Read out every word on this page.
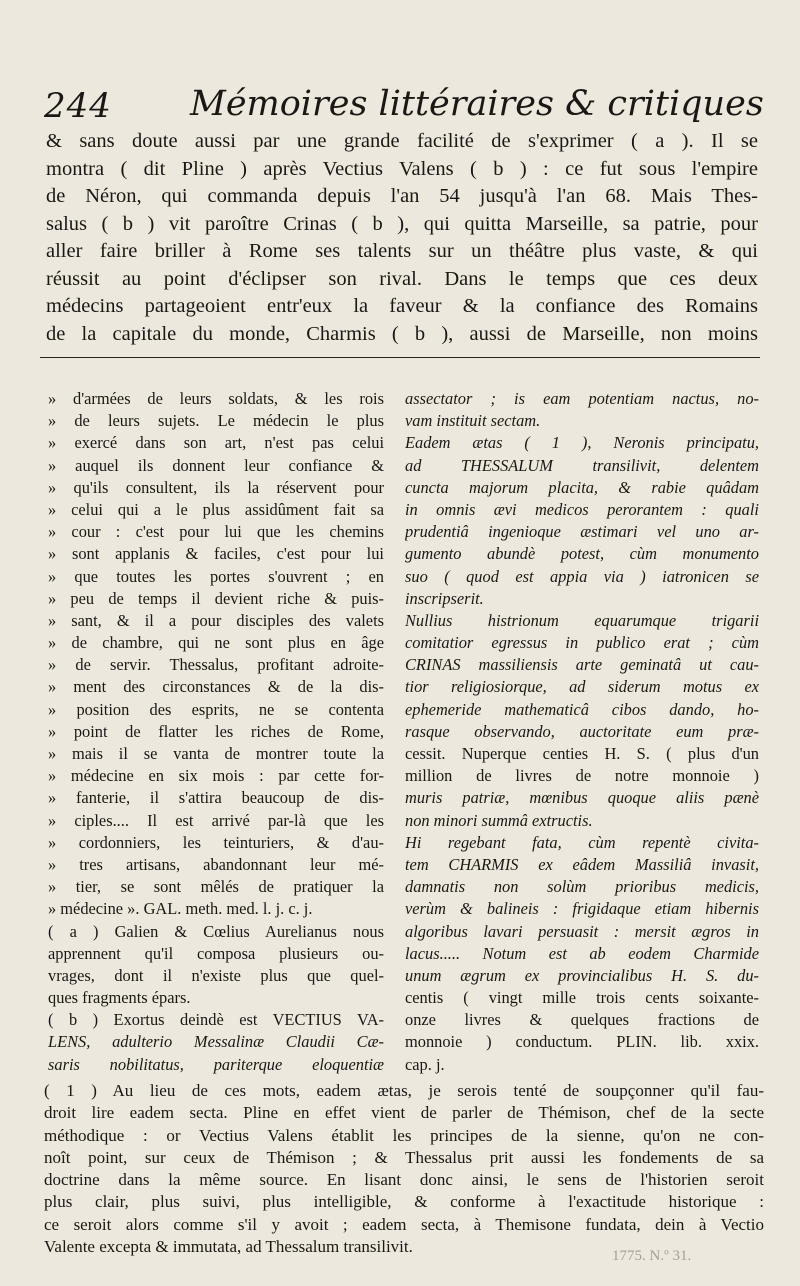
244 Mémoires littéraires & critiques
& sans doute aussi par une grande facilité de s'exprimer ( a ). Il se
montra ( dit Pline ) après Vectius Valens ( b ) : ce fut sous l'empire
de Néron, qui commanda depuis l'an 54 jusqu'à l'an 68. Mais Thes-
salus ( b ) vit paroître Crinas ( b ), qui quitta Marseille, sa patrie, pour
aller faire briller à Rome ses talents sur un théâtre plus vaste, & qui
réussit au point d'éclipser son rival. Dans le temps que ces deux
médecins partageoient entr'eux la faveur & la confiance des Romains
de la capitale du monde, Charmis ( b ), aussi de Marseille, non moins
» d'armées de leurs soldats, & les rois
» de leurs sujets. Le médecin le plus
» exercé dans son art, n'est pas celui
» auquel ils donnent leur confiance &
» qu'ils consultent, ils la réservent pour
» celui qui a le plus assidûment fait sa
» cour : c'est pour lui que les chemins
» sont applanis & faciles, c'est pour lui
» que toutes les portes s'ouvrent ; en
» peu de temps il devient riche & puis-
» sant, & il a pour disciples des valets
» de chambre, qui ne sont plus en âge
» de servir. Thessalus, profitant adroite-
» ment des circonstances & de la dis-
» position des esprits, ne se contenta
» point de flatter les riches de Rome,
» mais il se vanta de montrer toute la
» médecine en six mois : par cette for-
» fanterie, il s'attira beaucoup de dis-
» ciples.... Il est arrivé par-là que les
» cordonniers, les teinturiers, & d'au-
» tres artisans, abandonnant leur mé-
» tier, se sont mêlés de pratiquer la
» médecine ». GAL. meth. med. l. j. c. j.
( a ) Galien & Cœlius Aurelianus nous
apprennent qu'il composa plusieurs ou-
vrages, dont il n'existe plus que quel-
ques fragments épars.
( b ) Exortus deindè est VECTIUS VA-
LENS, adulterio Messalinæ Claudii Cæ-
saris nobilitatus, pariterque eloquentiæ
assectator ; is eam potentiam nactus, no-
vam instituit sectam.
Eadem ætas ( 1 ), Neronis principatu,
ad THESSALUM transilivit, delentem
cuncta majorum placita, & rabie quâdam
in omnis ævi medicos perorantem : quali
prudentiâ ingenioque æstimari vel uno ar-
gumento abundè potest, cùm monumento
suo ( quod est appia via ) iatronicen se
inscripserit.
Nullius histrionum equarumque trigarii
comitatior egressus in publico erat ; cùm
CRINAS massiliensis arte geminatâ ut cau-
tior religiosiorque, ad siderum motus ex
ephemeride mathematicâ cibos dando, ho-
rasque observando, auctoritate eum præ-
cessit. Nuperque centies H. S. ( plus d'un
million de livres de notre monnoie )
muris patriæ, mœnibus quoque aliis pænè
non minori summâ extructis.
Hi regebant fata, cùm repentè civita-
tem CHARMIS ex eâdem Massiliâ invasit,
damnatis non solùm prioribus medicis,
verùm & balineis : frigidaque etiam hibernis
algoribus lavari persuasit : mersit ægros in
lacus..... Notum est ab eodem Charmide
unum ægrum ex provincialibus H. S. du-
centis ( vingt mille trois cents soixante-
onze livres & quelques fractions de
monnoie ) conductum. PLIN. lib. xxix.
cap. j.
( 1 ) Au lieu de ces mots, eadem ætas, je serois tenté de soupçonner qu'il fau-
droit lire eadem secta. Pline en effet vient de parler de Thémison, chef de la secte
méthodique : or Vectius Valens établit les principes de la sienne, qu'on ne con-
noît point, sur ceux de Thémison ; & Thessalus prit aussi les fondements de sa
doctrine dans la même source. En lisant donc ainsi, le sens de l'historien seroit
plus clair, plus suivi, plus intelligible, & conforme à l'exactitude historique :
ce seroit alors comme s'il y avoit ; eadem secta, à Themisone fundata, dein à Vectio
Valente excepta & immutata, ad Thessalum transilivit.	1775. N.º 31.
